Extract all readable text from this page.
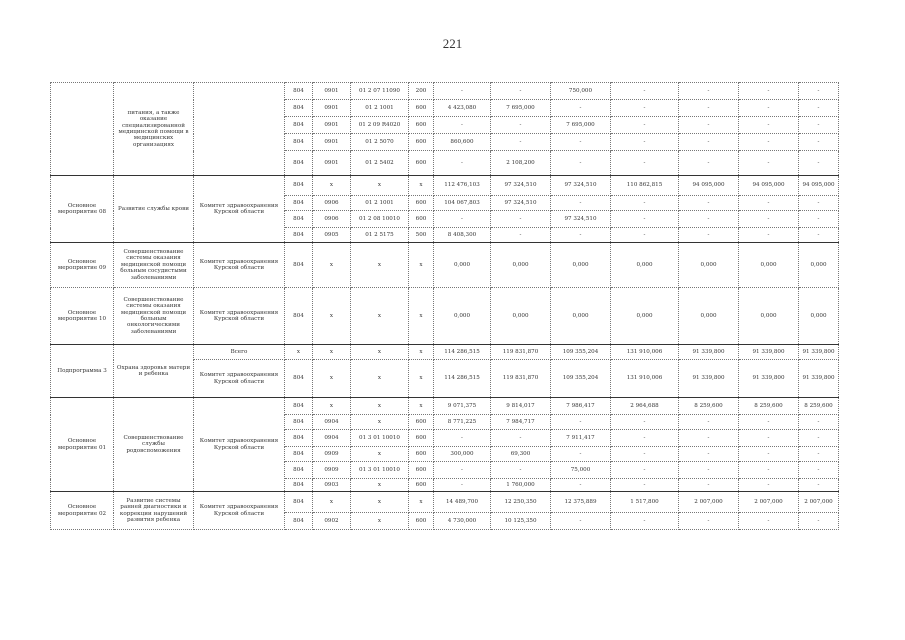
221
	питания, а также оказание специализированной медицинской помощи в медицинских организациях		804	0901	01 2 07 11090	200	-	-	750,000	-	-	-	-
			804	0901	01 2 1001	600	4 423,080	7 695,000	-	-	-	-	-
			804	0901	01 2 09 R4020	600	-	-	7 695,000	-	-	-	-
			804	0901	01 2 5070	600	860,600	-	-	-	-	-	-
			804	0901	01 2 5402	600	-	2 108,200	-	-	-	-	-
Основное мероприятие 08	Развитие службы крови	Комитет здравоохранения Курской области	804	x	x	x	112 476,103	97 324,510	97 324,510	110 862,815	94 095,000	94 095,000	94 095,000
			804	0906	01 2 1001	600	104 067,803	97 324,510	-	-	-	-	-
			804	0906	01 2 08 10010	600	-	-	97 324,510	-	-	-	-
			804	0905	01 2 5175	500	8 408,300	-	-	-	-	-	-
Основное мероприятие 09	Совершенствование системы оказания медицинской помощи больным сосудистыми заболеваниями	Комитет здравоохранения Курской области	804	x	x	x	0,000	0,000	0,000	0,000	0,000	0,000	0,000
Основное мероприятие 10	Совершенствование системы оказания медицинской помощи больным онкологическими заболеваниями	Комитет здравоохранения Курской области	804	x	x	x	0,000	0,000	0,000	0,000	0,000	0,000	0,000
Подпрограмма 3	Охрана здоровья матери и ребенка	Всего	x	x	x	x	114 286,515	119 831,870	109 355,204	131 910,006	91 339,800	91 339,800	91 339,800
		Комитет здравоохранения Курской области	804	x	x	x	114 286,515	119 831,870	109 355,204	131 910,006	91 339,800	91 339,800	91 339,800
Основное мероприятие 01	Совершенствование службы родовспоможения	Комитет здравоохранения Курской области	804	x	x	x	9 071,375	9 814,017	7 986,417	2 964,688	8 259,600	8 259,600	8 259,600
			804	0904	x	600	8 771,225	7 984,717	-	-	-	-	-
			804	0904	01 3 01 10010	600	-	-	7 911,417	-	-	-	-
			804	0909	x	600	300,000	69,300	-	-	-	-	-
			804	0909	01 3 01 10010	600	-	-	75,000	-	-	-	-
			804	0903	x	600	-	1 760,000	-	-	-	-	-
Основное мероприятие 02	Развитие системы ранней диагностики и коррекции нарушений развития ребенка	Комитет здравоохранения Курской области	804	x	x	x	14 489,700	12 250,350	12 375,889	1 517,800	2 007,000	2 007,000	2 007,000
			804	0902	x	600	4 730,000	10 125,350	-	-	-	-	-
